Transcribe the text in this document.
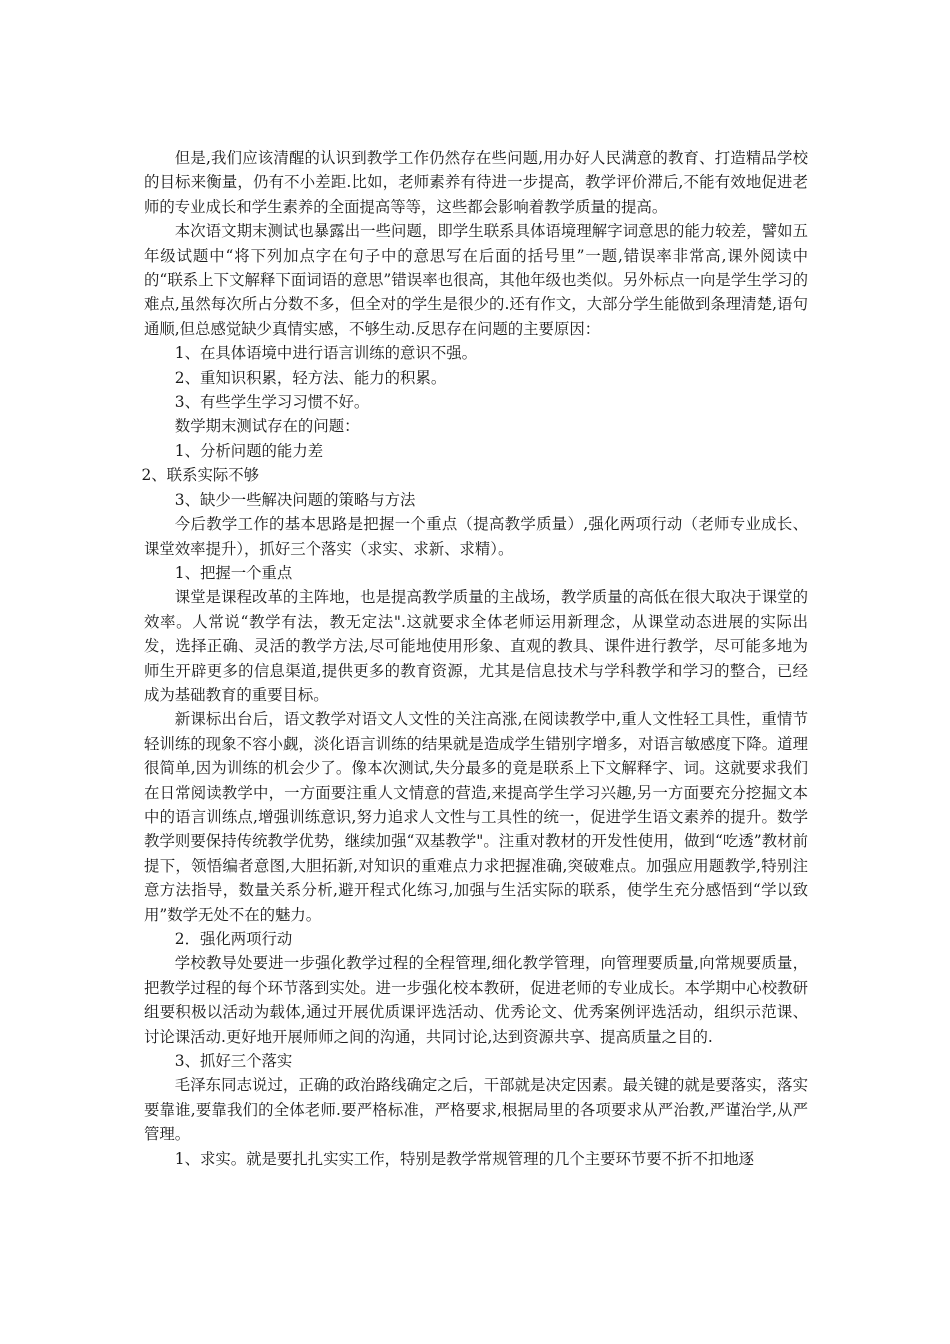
但是,我们应该清醒的认识到教学工作仍然存在些问题,用办好人民满意的教育、打造精品学校的目标来衡量，仍有不小差距.比如，老师素养有待进一步提高，教学评价滞后,不能有效地促进老师的专业成长和学生素养的全面提高等等，这些都会影响着教学质量的提高。

本次语文期末测试也暴露出一些问题，即学生联系具体语境理解字词意思的能力较差，譬如五年级试题中“将下列加点字在句子中的意思写在后面的括号里”一题,错误率非常高,课外阅读中的“联系上下文解释下面词语的意思”错误率也很高，其他年级也类似。另外标点一向是学生学习的难点,虽然每次所占分数不多，但全对的学生是很少的.还有作文，大部分学生能做到条理清楚,语句通顺,但总感觉缺少真情实感，不够生动.反思存在问题的主要原因：

1、在具体语境中进行语言训练的意识不强。

2、重知识积累，轻方法、能力的积累。

3、有些学生学习习惯不好。

数学期末测试存在的问题：

1、分析问题的能力差

2、联系实际不够

3、缺少一些解决问题的策略与方法

今后教学工作的基本思路是把握一个重点（提高教学质量）,强化两项行动（老师专业成长、课堂效率提升），抓好三个落实（求实、求新、求精）。

1、把握一个重点

课堂是课程改革的主阵地，也是提高教学质量的主战场，教学质量的高低在很大取决于课堂的效率。人常说“教学有法，教无定法".这就要求全体老师运用新理念，从课堂动态进展的实际出发，选择正确、灵活的教学方法,尽可能地使用形象、直观的教具、课件进行教学，尽可能多地为师生开辟更多的信息渠道,提供更多的教育资源，尤其是信息技术与学科教学和学习的整合，已经成为基础教育的重要目标。

新课标出台后，语文教学对语文人文性的关注高涨,在阅读教学中,重人文性轻工具性，重情节轻训练的现象不容小觑，淡化语言训练的结果就是造成学生错别字增多，对语言敏感度下降。道理很简单,因为训练的机会少了。像本次测试,失分最多的竟是联系上下文解释字、词。这就要求我们在日常阅读教学中，一方面要注重人文情意的营造,来提高学生学习兴趣,另一方面要充分挖掘文本中的语言训练点,增强训练意识,努力追求人文性与工具性的统一，促进学生语文素养的提升。数学教学则要保持传统教学优势，继续加强“双基教学"。注重对教材的开发性使用，做到“吃透”教材前提下，领悟编者意图,大胆拓新,对知识的重难点力求把握准确,突破难点。加强应用题教学,特别注意方法指导，数量关系分析,避开程式化练习,加强与生活实际的联系，使学生充分感悟到“学以致用”数学无处不在的魅力。

2．强化两项行动

学校教导处要进一步强化教学过程的全程管理,细化教学管理，向管理要质量,向常规要质量，把教学过程的每个环节落到实处。进一步强化校本教研，促进老师的专业成长。本学期中心校教研组要积极以活动为载体,通过开展优质课评选活动、优秀论文、优秀案例评选活动，组织示范课、讨论课活动.更好地开展师师之间的沟通，共同讨论,达到资源共享、提高质量之目的.

3、抓好三个落实

毛泽东同志说过，正确的政治路线确定之后，干部就是决定因素。最关键的就是要落实，落实要靠谁,要靠我们的全体老师.要严格标准，严格要求,根据局里的各项要求从严治教,严谨治学,从严管理。

1、求实。就是要扎扎实实工作，特别是教学常规管理的几个主要环节要不折不扣地逐
